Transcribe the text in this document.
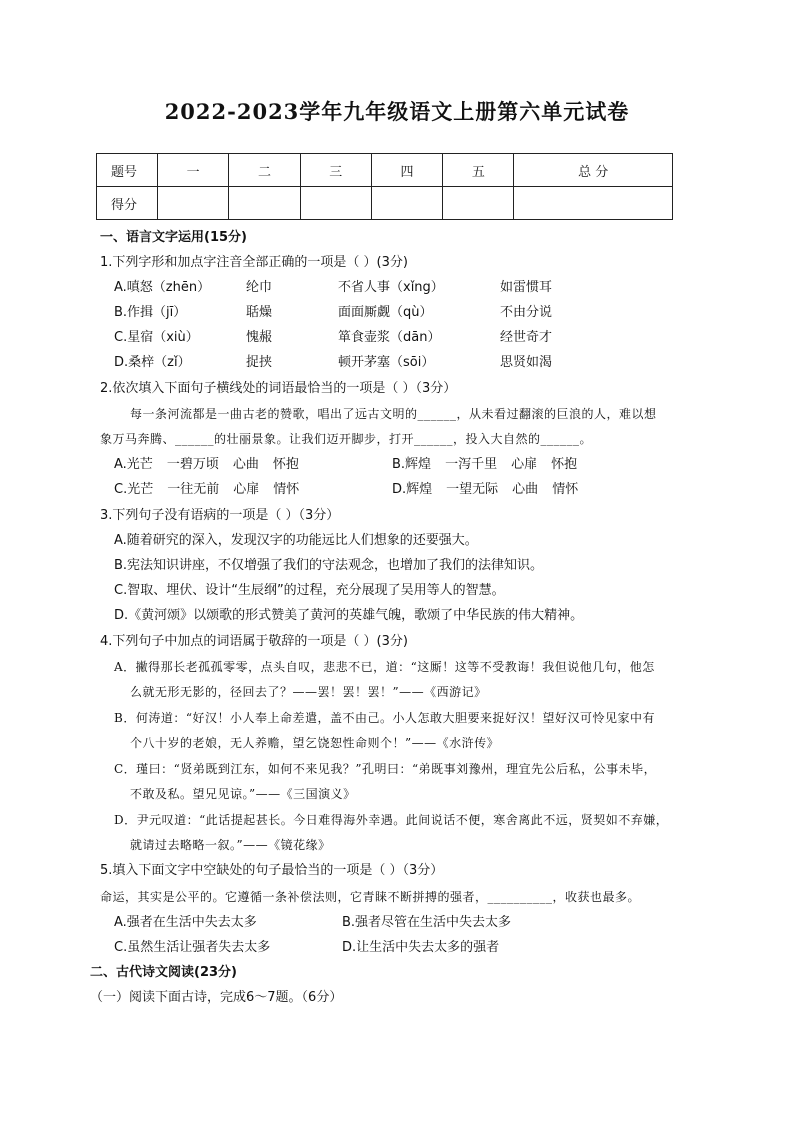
2022-2023学年九年级语文上册第六单元试卷
题号	一	二	三	四	五	总 分
得分						

一、语言文字运用(15分)

1.下列字形和加点字注音全部正确的一项是（ ）(3分)

A.嗔怒（zhēn）	纶巾	不省人事（xǐng）	如雷惯耳

B.作揖（jī）	聒燥	面面厮觑（qù）	不由分说

C.星宿（xiù）	愧赧	箪食壶浆（dān）	经世奇才

D.桑梓（zǐ）	捉挟	顿开茅塞（sōi）	思贤如渴

2.依次填入下面句子横线处的词语最恰当的一项是（ ）（3分）

每一条河流都是一曲古老的赞歌，唱出了远古文明的______，从未看过翻滚的巨浪的人，难以想

象万马奔腾、______的壮丽景象。让我们迈开脚步，打开______，投入大自然的______。

A.光芒 一碧万顷 心曲 怀抱	B.辉煌 一泻千里 心扉 怀抱

C.光芒 一往无前 心扉 情怀	D.辉煌 一望无际 心曲 情怀

3.下列句子没有语病的一项是（ ）（3分）

A.随着研究的深入，发现汉字的功能远比人们想象的还要强大。

B.宪法知识讲座，不仅增强了我们的守法观念，也增加了我们的法律知识。

C.智取、埋伏、设计“生辰纲”的过程，充分展现了吴用等人的智慧。

D.《黄河颂》以颂歌的形式赞美了黄河的英雄气魄，歌颂了中华民族的伟大精神。

4.下列句子中加点的词语属于敬辞的一项是（ ）(3分)

A．撇得那长老孤孤零零，点头自叹，悲悲不已，道：“这厮！这等不受教诲！我但说他几句，他怎

么就无形无影的，径回去了？——罢！罢！罢！”——《西游记》

B．何涛道：“好汉！小人奉上命差遣，盖不由己。小人怎敢大胆要来捉好汉！望好汉可怜见家中有

个八十岁的老娘，无人养赡，望乞饶恕性命则个！”——《水浒传》

C．瑾曰：“贤弟既到江东，如何不来见我？”孔明曰：“弟既事刘豫州，理宜先公后私，公事未毕，

不敢及私。望兄见谅。”——《三国演义》

D．尹元叹道：“此话提起甚长。今日难得海外幸遇。此间说话不便，寒舍离此不远，贤契如不弃嫌，

就请过去略略一叙。”——《镜花缘》

5.填入下面文字中空缺处的句子最恰当的一项是（ ）（3分）

命运，其实是公平的。它遵循一条补偿法则，它青睐不断拼搏的强者，__________，收获也最多。

A.强者在生活中失去太多	B.强者尽管在生活中失去太多

C.虽然生活让强者失去太多	D.让生活中失去太多的强者

二、古代诗文阅读(23分)

（一）阅读下面古诗，完成6～7题。（6分）
